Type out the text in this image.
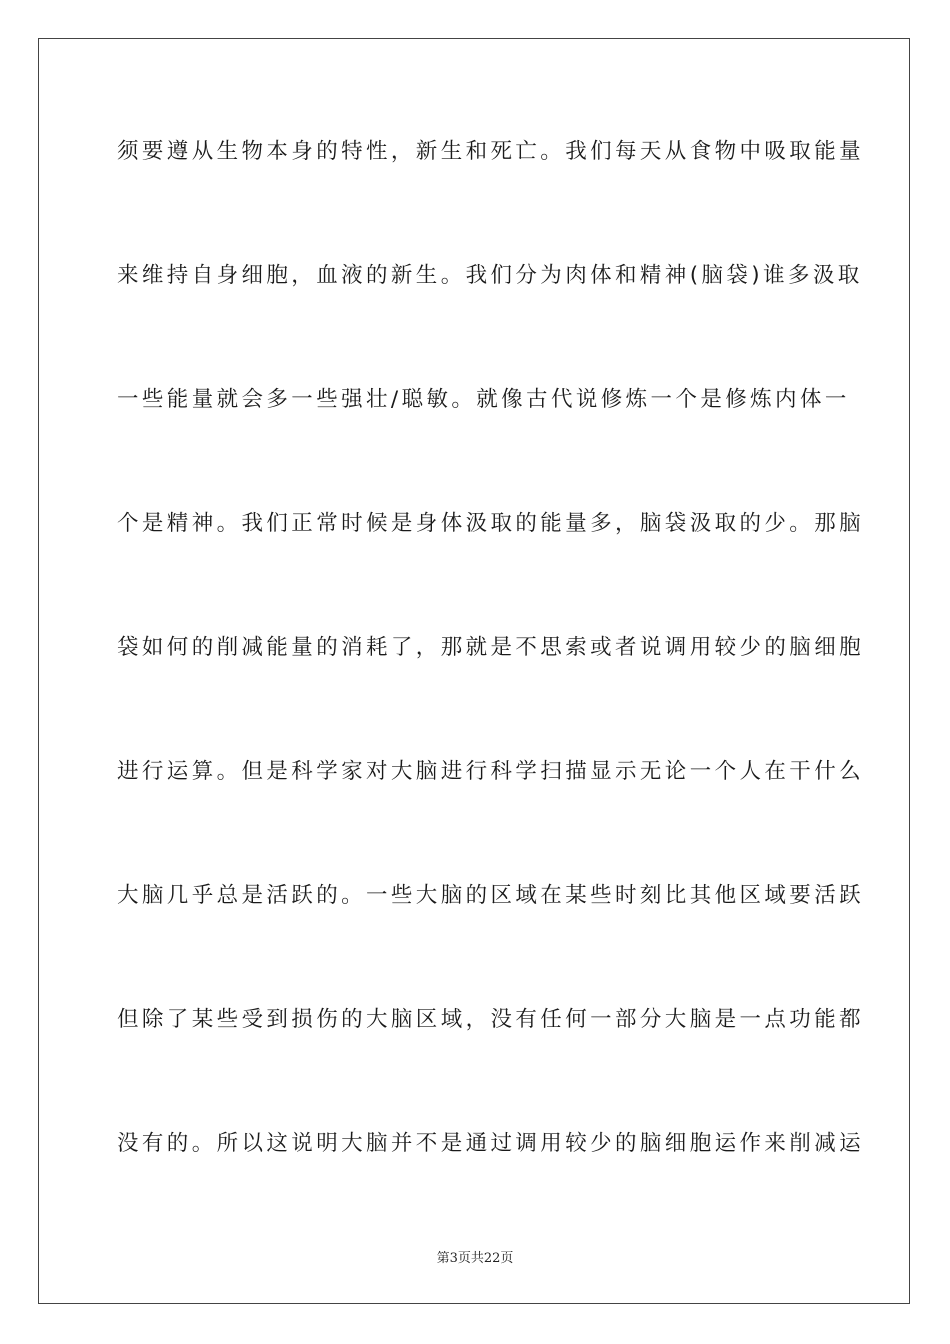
须要遵从生物本身的特性，新生和死亡。我们每天从食物中吸取能量
来维持自身细胞，血液的新生。我们分为肉体和精神(脑袋)谁多汲取
一些能量就会多一些强壮/聪敏。就像古代说修炼一个是修炼内体一
个是精神。我们正常时候是身体汲取的能量多，脑袋汲取的少。那脑
袋如何的削减能量的消耗了，那就是不思索或者说调用较少的脑细胞
进行运算。但是科学家对大脑进行科学扫描显示无论一个人在干什么
大脑几乎总是活跃的。一些大脑的区域在某些时刻比其他区域要活跃
但除了某些受到损伤的大脑区域，没有任何一部分大脑是一点功能都
没有的。所以这说明大脑并不是通过调用较少的脑细胞运作来削减运
第3页共22页
